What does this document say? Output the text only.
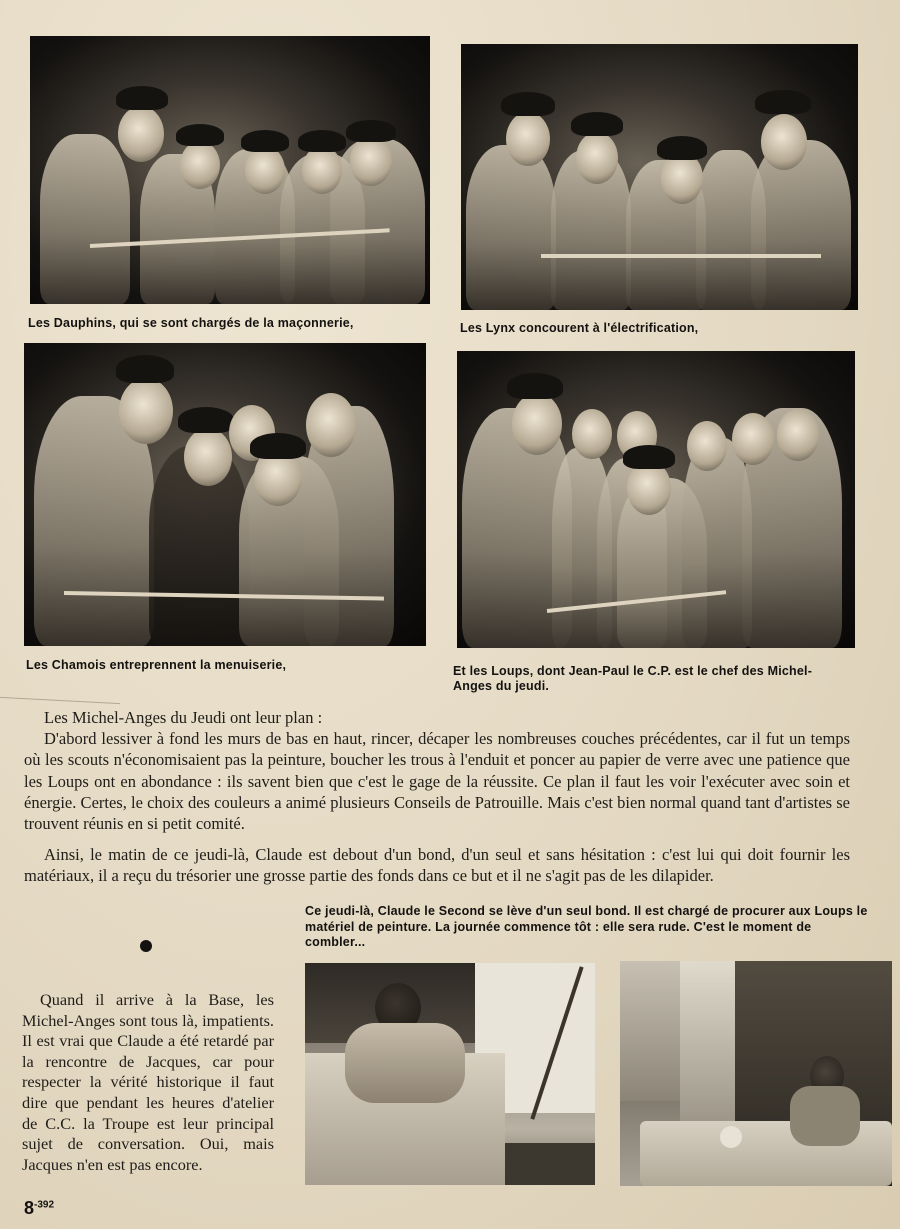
Les Dauphins, qui se sont chargés de la maçonnerie,	Les Lynx concourent à l'électrification,
Les Chamois entreprennent la menuiserie,	Et les Loups, dont Jean-Paul le C.P. est le chef des Michel-Anges du jeudi.

Les Michel-Anges du Jeudi ont leur plan :

D'abord lessiver à fond les murs de bas en haut, rincer, décaper les nombreuses couches précédentes, car il fut un temps où les scouts n'économisaient pas la peinture, boucher les trous à l'enduit et poncer au papier de verre avec une patience que les Loups ont en abondance : ils savent bien que c'est le gage de la réussite. Ce plan il faut les voir l'exécuter avec soin et énergie. Certes, le choix des couleurs a animé plusieurs Conseils de Patrouille. Mais c'est bien normal quand tant d'artistes se trouvent réunis en si petit comité.

Ainsi, le matin de ce jeudi-là, Claude est debout d'un bond, d'un seul et sans hésitation : c'est lui qui doit fournir les matériaux, il a reçu du trésorier une grosse partie des fonds dans ce but et il ne s'agit pas de les dilapider.

Ce jeudi-là, Claude le Second se lève d'un seul bond. Il est chargé de procurer aux Loups le matériel de peinture. La journée commence tôt : elle sera rude. C'est le moment de combler...

Quand il arrive à la Base, les Michel-Anges sont tous là, impatients. Il est vrai que Claude a été retardé par la rencontre de Jacques, car pour respecter la vérité historique il faut dire que pendant les heures d'atelier de C.C. la Troupe est leur principal sujet de conversation. Oui, mais Jacques n'en est pas encore.

$8^{-392}$
